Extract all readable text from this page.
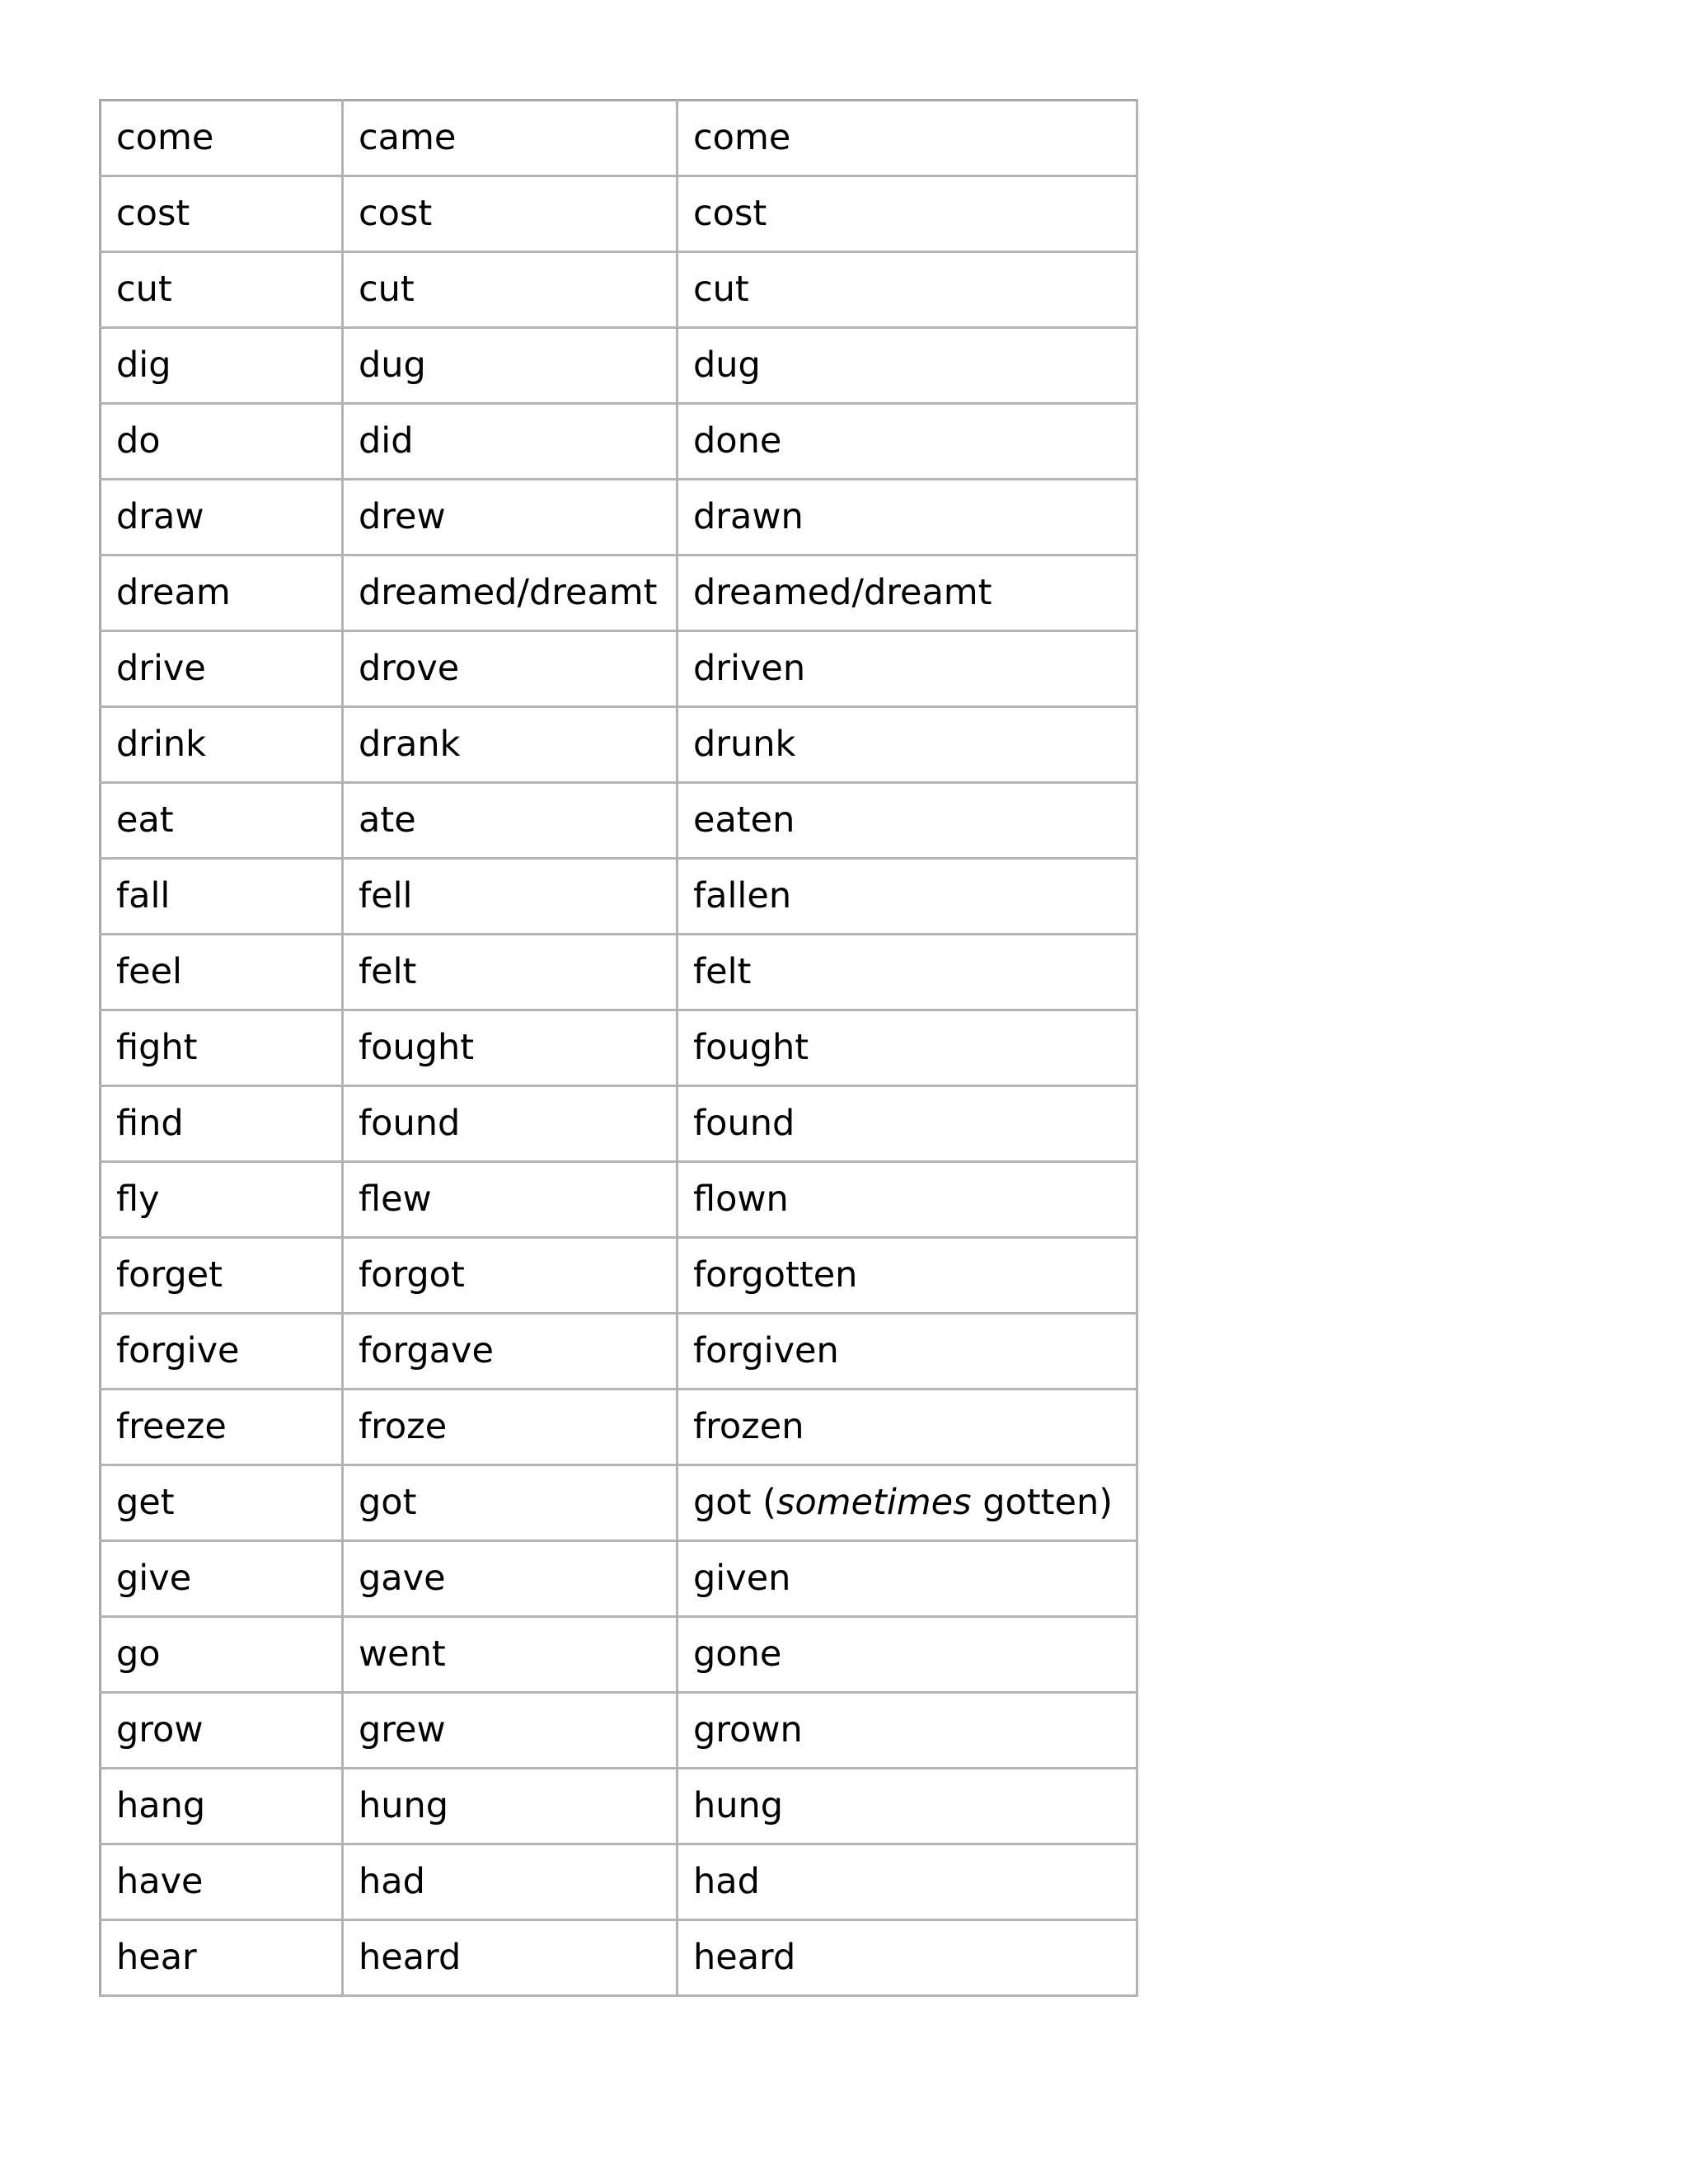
come	came	come
cost	cost	cost
cut	cut	cut
dig	dug	dug
do	did	done
draw	drew	drawn
dream	dreamed/dreamt	dreamed/dreamt
drive	drove	driven
drink	drank	drunk
eat	ate	eaten
fall	fell	fallen
feel	felt	felt
fight	fought	fought
find	found	found
fly	flew	flown
forget	forgot	forgotten
forgive	forgave	forgiven
freeze	froze	frozen
get	got	got (sometimes gotten)
give	gave	given
go	went	gone
grow	grew	grown
hang	hung	hung
have	had	had
hear	heard	heard
